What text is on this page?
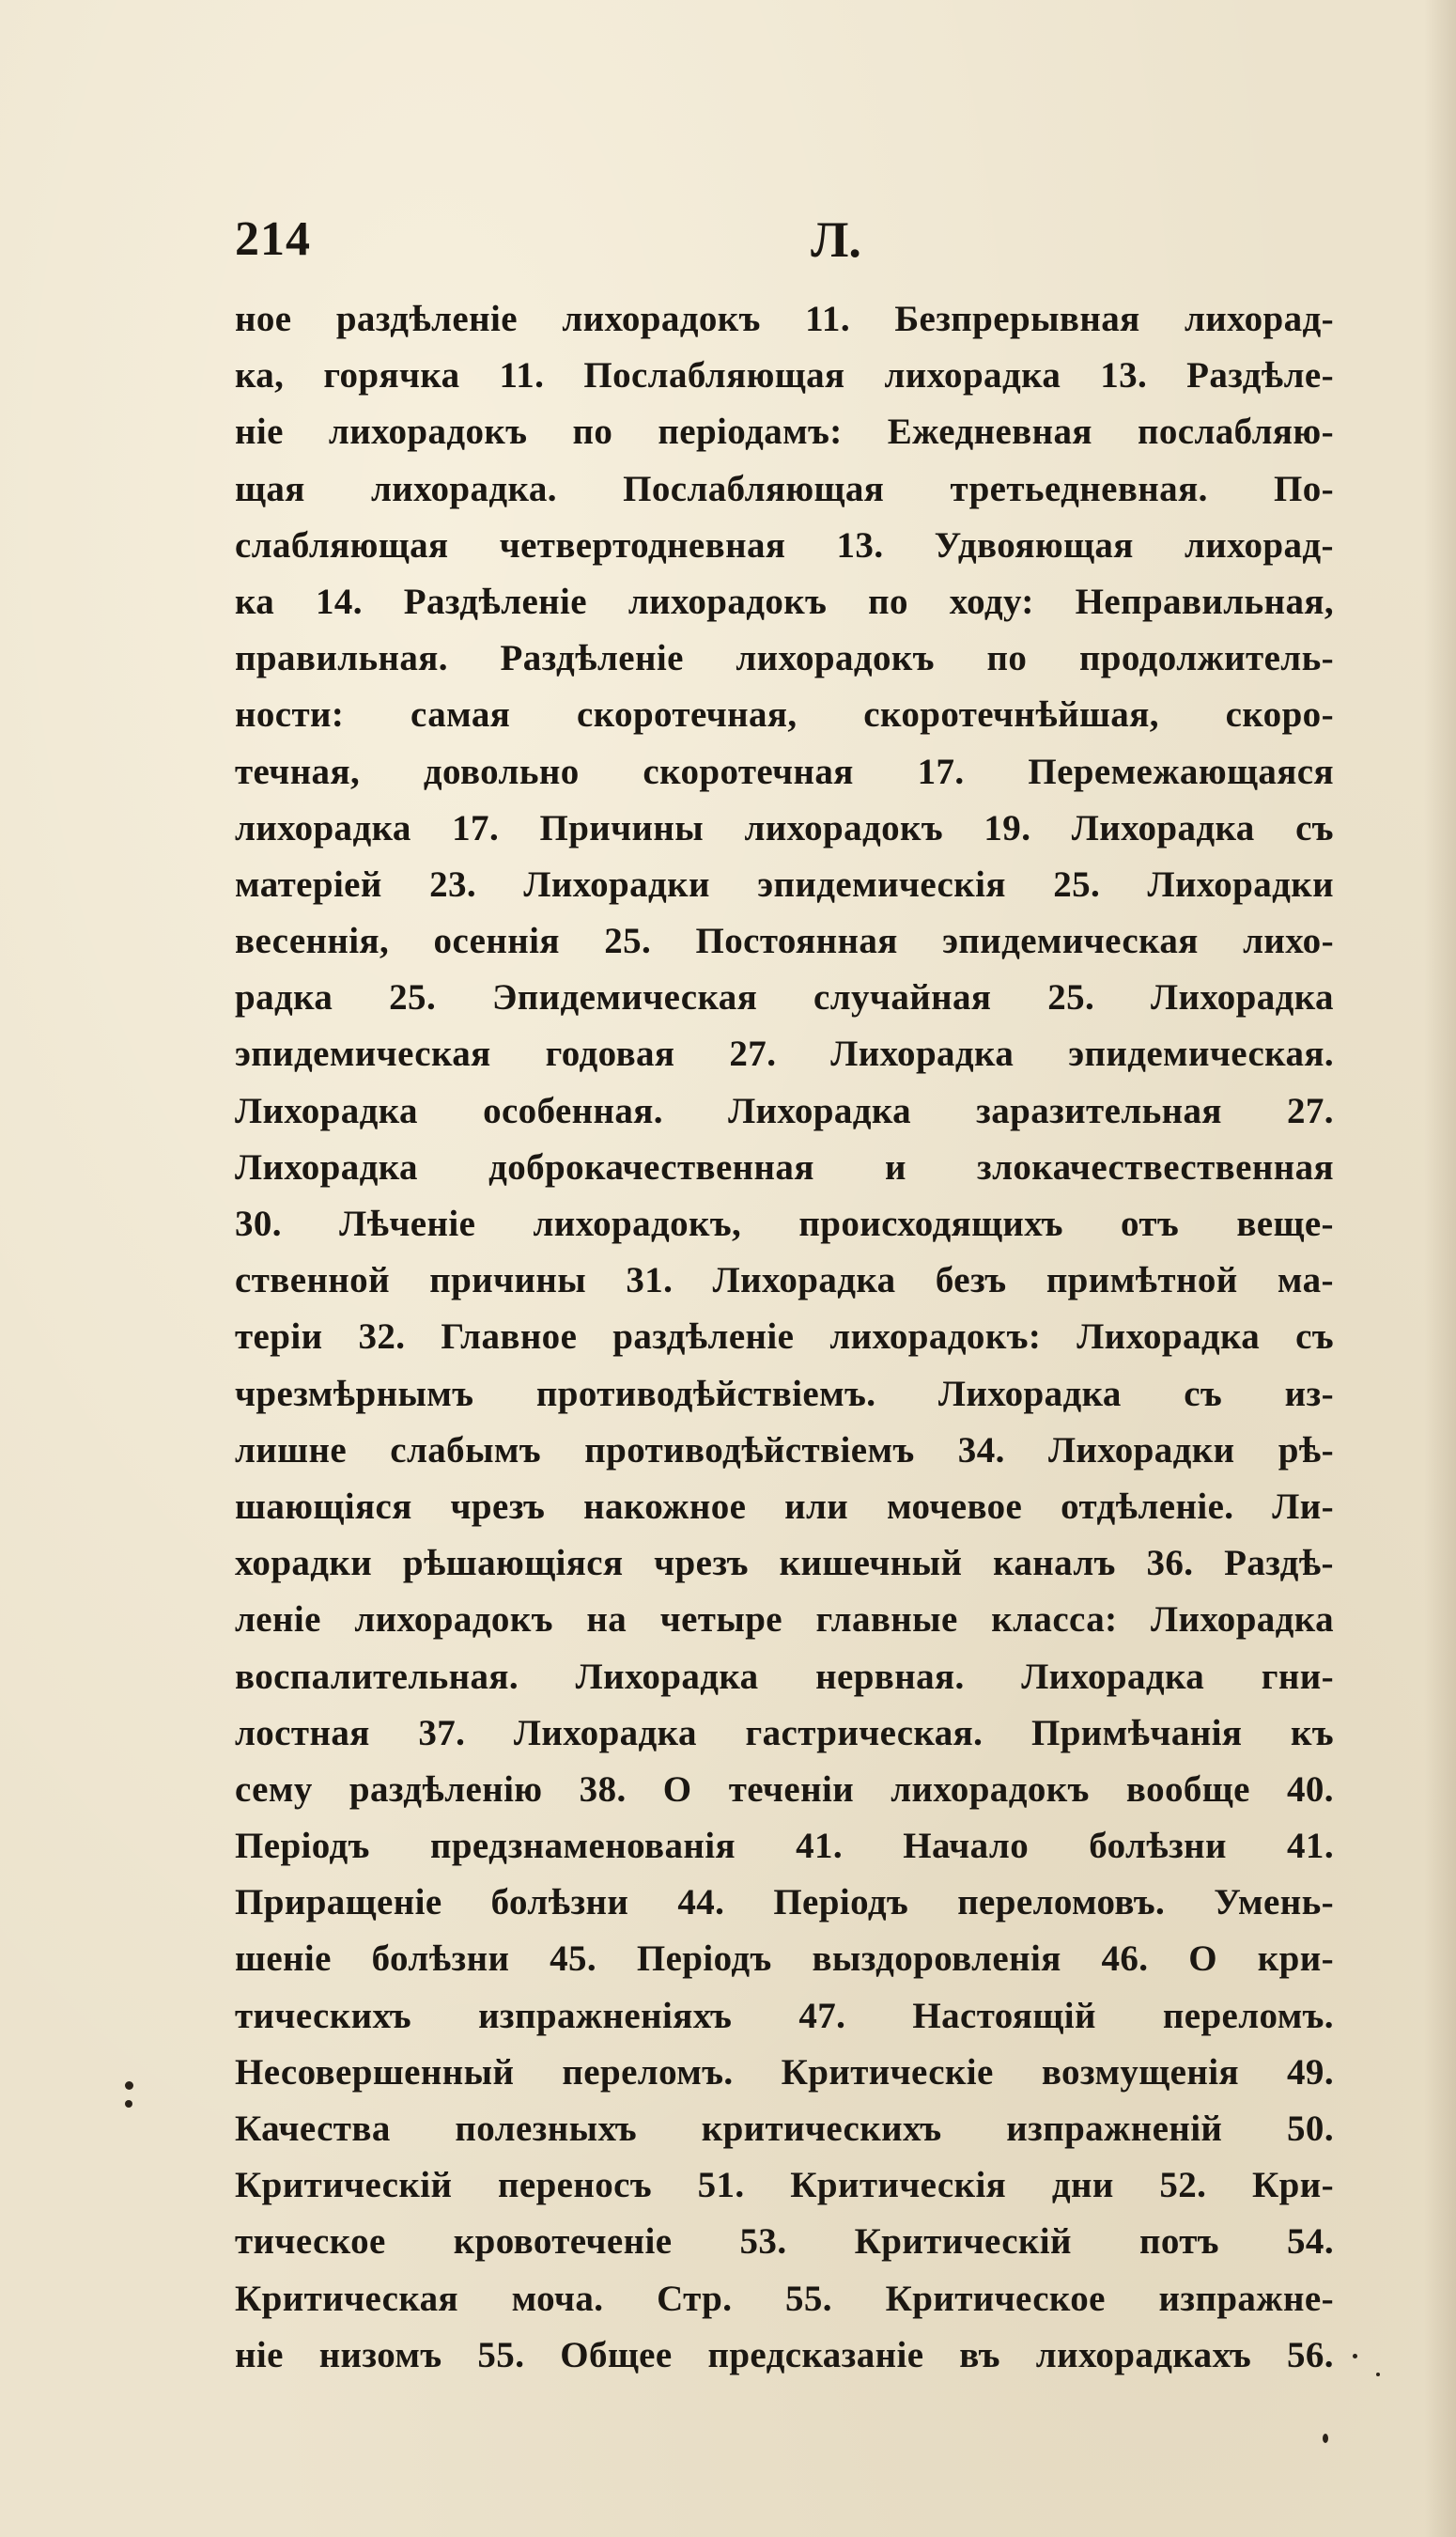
214	Л.
ное раздѣленіе лихорадокъ 11. Безпрерывная лихорад-
ка, горячка 11. Послабляющая лихорадка 13. Раздѣле-
ніе лихорадокъ по періодамъ: Ежедневная послабляю-
щая лихорадка. Послабляющая третьедневная. По-
слабляющая четвертодневная 13. Удвояющая лихорад-
ка 14. Раздѣленіе лихорадокъ по ходу: Неправильная,
правильная. Раздѣленіе лихорадокъ по продолжитель-
ности: самая скоротечная, скоротечнѣйшая, скоро-
течная, довольно скоротечная 17. Перемежающаяся
лихорадка 17. Причины лихорадокъ 19. Лихорадка съ
матеріей 23. Лихорадки эпидемическія 25. Лихорадки
весеннія, осеннія 25. Постоянная эпидемическая лихо-
радка 25. Эпидемическая случайная 25. Лихорадка
эпидемическая годовая 27. Лихорадка эпидемическая.
Лихорадка особенная. Лихорадка заразительная 27.
Лихорадка доброкачественная и злокачествественная
30. Лѣченіе лихорадокъ, происходящихъ отъ веще-
ственной причины 31. Лихорадка безъ примѣтной ма-
теріи 32. Главное раздѣленіе лихорадокъ: Лихорадка съ
чрезмѣрнымъ противодѣйствіемъ. Лихорадка съ из-
лишне слабымъ противодѣйствіемъ 34. Лихорадки рѣ-
шающіяся чрезъ накожное или мочевое отдѣленіе. Ли-
хорадки рѣшающіяся чрезъ кишечный каналъ 36. Раздѣ-
леніе лихорадокъ на четыре главные класса: Лихорадка
воспалительная. Лихорадка нервная. Лихорадка гни-
лостная 37. Лихорадка гастрическая. Примѣчанія къ
сему раздѣленію 38. О теченіи лихорадокъ вообще 40.
Періодъ предзнаменованія 41. Начало болѣзни 41.
Приращеніе болѣзни 44. Періодъ переломовъ. Умень-
шеніе болѣзни 45. Періодъ выздоровленія 46. О кри-
тическихъ изпражненіяхъ 47. Настоящій переломъ.
Несовершенный переломъ. Критическіе возмущенія 49.
Качества полезныхъ критическихъ изпражненій 50.
Критическій переносъ 51. Критическія дни 52. Кри-
тическое кровотеченіе 53. Критическій потъ 54.
Критическая моча. Стр. 55. Критическое изпражне-
ніе низомъ 55. Общее предсказаніе въ лихорадкахъ 56.
